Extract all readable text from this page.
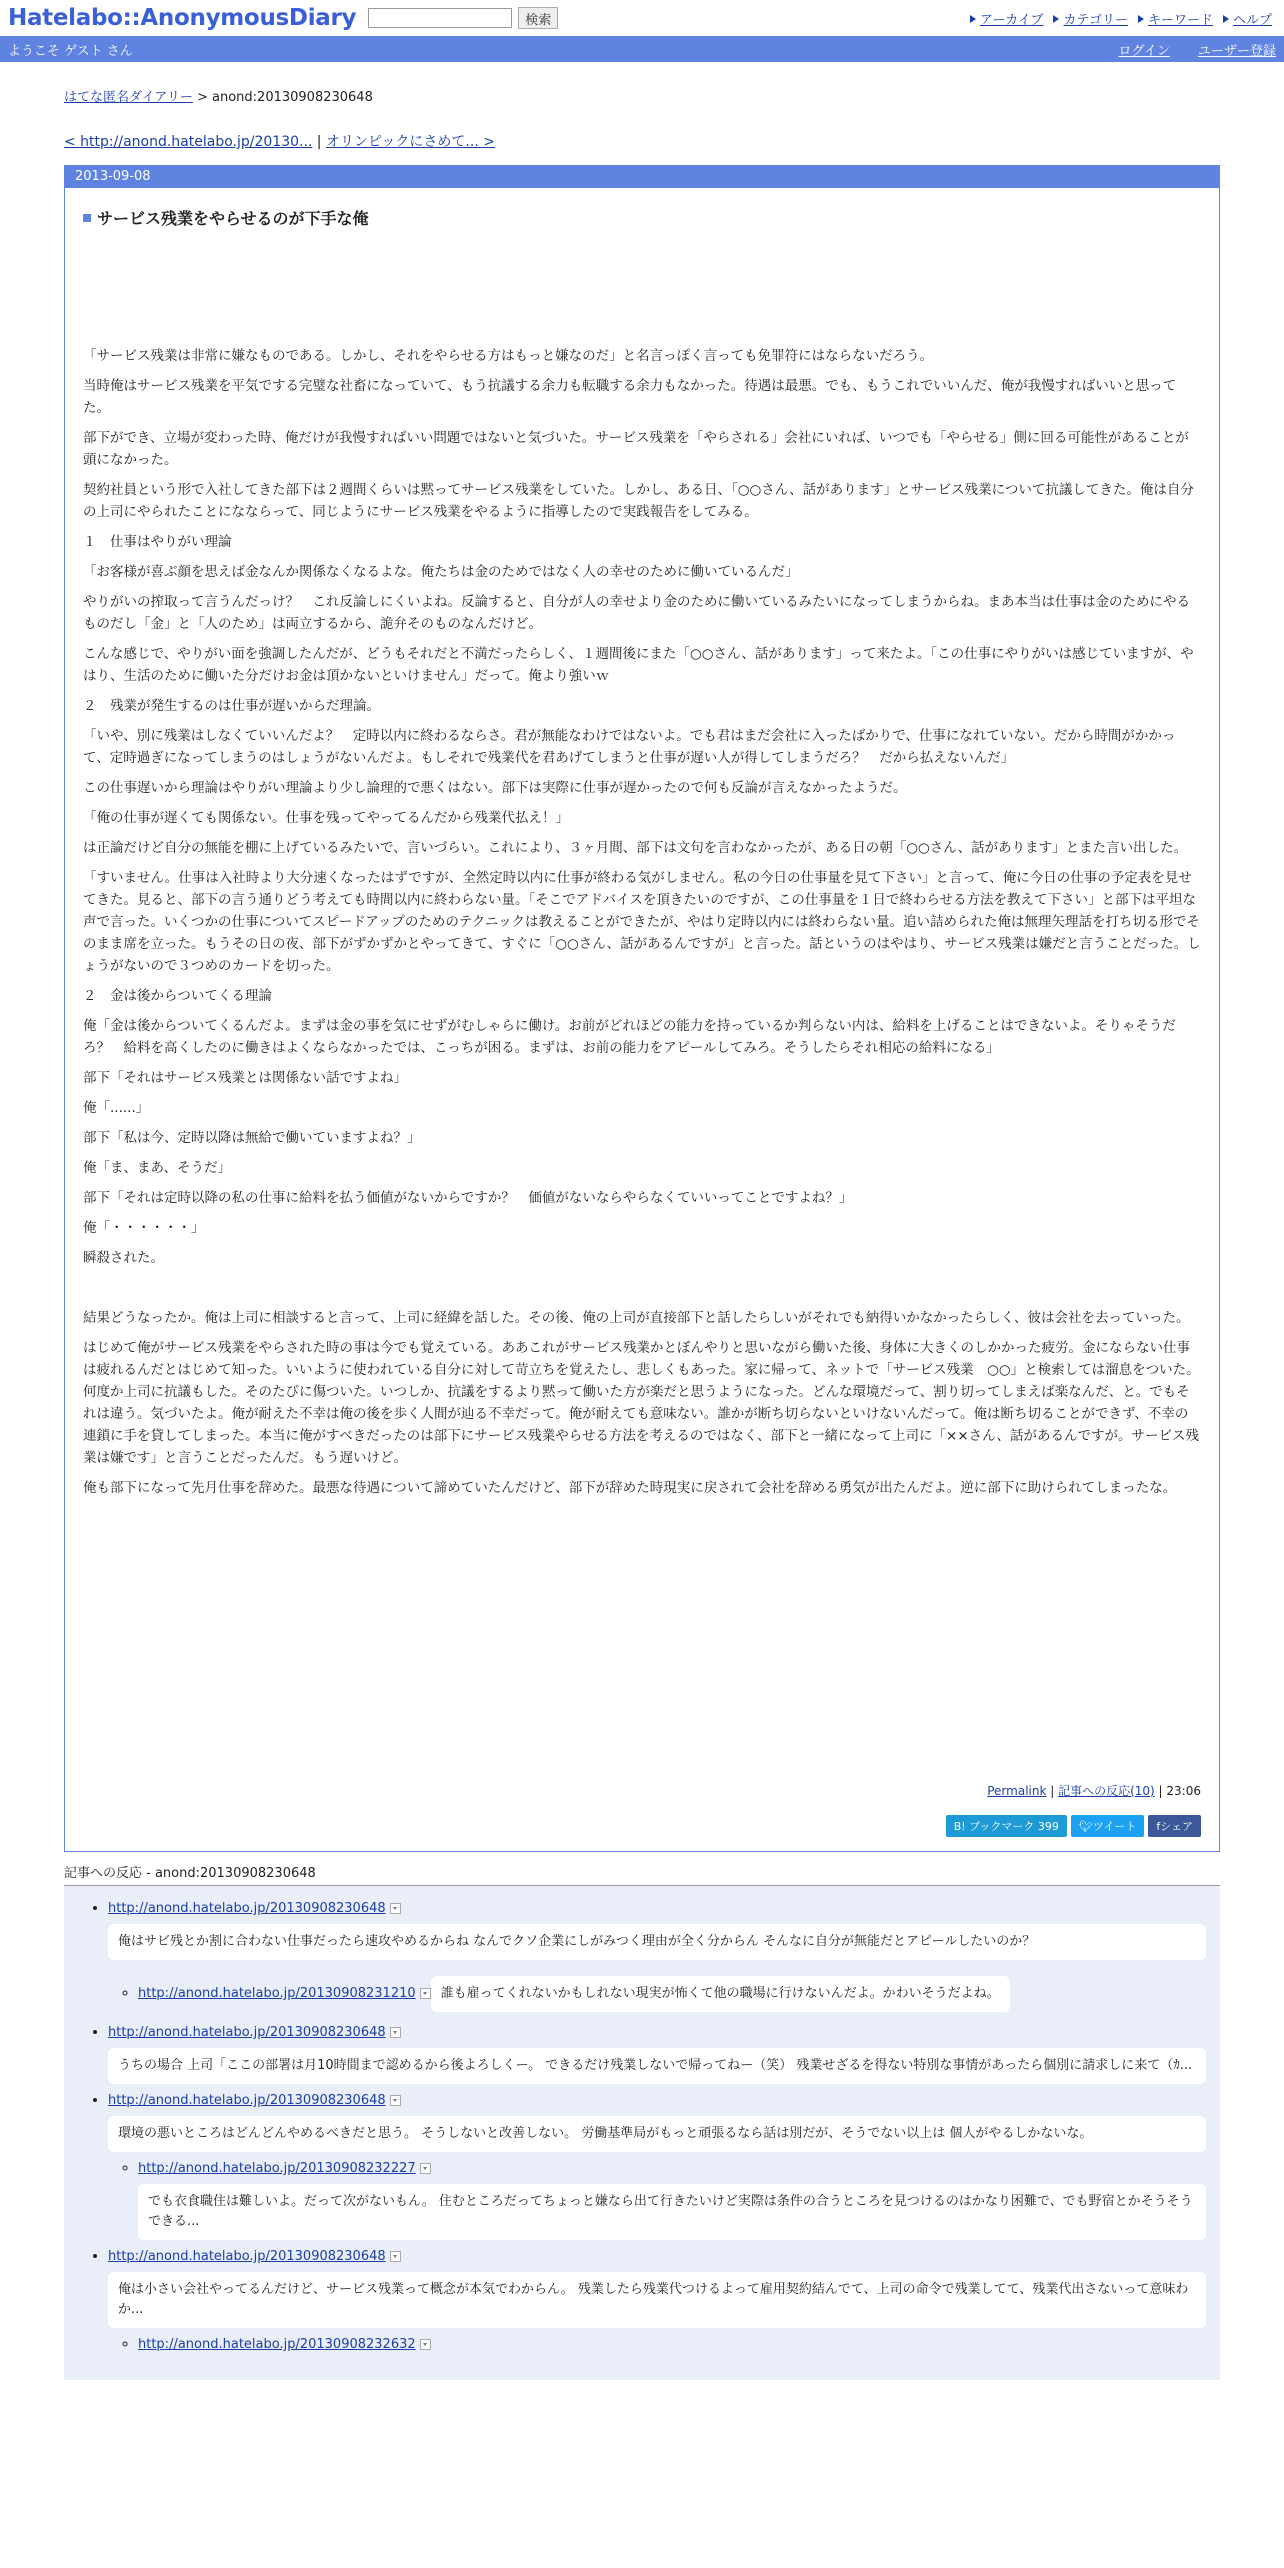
Hatelabo::AnonymousDiary	検索	アーカイブ カテゴリー キーワード ヘルプ
ようこそ ゲスト さん	ログイン ユーザー登録
はてな匿名ダイアリー > anond:20130908230648
< http://anond.hatelabo.jp/20130... | オリンピックにさめて... >
2013-09-08
サービス残業をやらせるのが下手な俺

「サービス残業は非常に嫌なものである。しかし、それをやらせる方はもっと嫌なのだ」と名言っぽく言っても免罪符にはならないだろう。

当時俺はサービス残業を平気でする完璧な社畜になっていて、もう抗議する余力も転職する余力もなかった。待遇は最悪。でも、もうこれでいいんだ、俺が我慢すればいいと思ってた。

部下ができ、立場が変わった時、俺だけが我慢すればいい問題ではないと気づいた。サービス残業を「やらされる」会社にいれば、いつでも「やらせる」側に回る可能性があることが頭になかった。

契約社員という形で入社してきた部下は２週間くらいは黙ってサービス残業をしていた。しかし、ある日、「○○さん、話があります」とサービス残業について抗議してきた。俺は自分の上司にやられたことになならって、同じようにサービス残業をやるように指導したので実践報告をしてみる。

１　仕事はやりがい理論

「お客様が喜ぶ顔を思えば金なんか関係なくなるよな。俺たちは金のためではなく人の幸せのために働いているんだ」

やりがいの搾取って言うんだっけ？　これ反論しにくいよね。反論すると、自分が人の幸せより金のために働いているみたいになってしまうからね。まあ本当は仕事は金のためにやるものだし「金」と「人のため」は両立するから、詭弁そのものなんだけど。

こんな感じで、やりがい面を強調したんだが、どうもそれだと不満だったらしく、１週間後にまた「○○さん、話があります」って来たよ。「この仕事にやりがいは感じていますが、やはり、生活のために働いた分だけお金は頂かないといけません」だって。俺より強いｗ

２　残業が発生するのは仕事が遅いからだ理論。

「いや、別に残業はしなくていいんだよ？　定時以内に終わるならさ。君が無能なわけではないよ。でも君はまだ会社に入ったばかりで、仕事になれていない。だから時間がかかって、定時過ぎになってしまうのはしょうがないんだよ。もしそれで残業代を君あげてしまうと仕事が遅い人が得してしまうだろ？　だから払えないんだ」

この仕事遅いから理論はやりがい理論より少し論理的で悪くはない。部下は実際に仕事が遅かったので何も反論が言えなかったようだ。

「俺の仕事が遅くても関係ない。仕事を残ってやってるんだから残業代払え！」

は正論だけど自分の無能を棚に上げているみたいで、言いづらい。これにより、３ヶ月間、部下は文句を言わなかったが、ある日の朝「○○さん、話があります」とまた言い出した。

「すいません。仕事は入社時より大分速くなったはずですが、全然定時以内に仕事が終わる気がしません。私の今日の仕事量を見て下さい」と言って、俺に今日の仕事の予定表を見せてきた。見ると、部下の言う通りどう考えても時間以内に終わらない量。「そこでアドバイスを頂きたいのですが、この仕事量を１日で終わらせる方法を教えて下さい」と部下は平坦な声で言った。いくつかの仕事についてスピードアップのためのテクニックは教えることができたが、やはり定時以内には終わらない量。追い詰められた俺は無理矢理話を打ち切る形でそのまま席を立った。もうその日の夜、部下がずかずかとやってきて、すぐに「○○さん、話があるんですが」と言った。話というのはやはり、サービス残業は嫌だと言うことだった。しょうがないので３つめのカードを切った。

２　金は後からついてくる理論

俺「金は後からついてくるんだよ。まずは金の事を気にせずがむしゃらに働け。お前がどれほどの能力を持っているか判らない内は、給料を上げることはできないよ。そりゃそうだろ？　給料を高くしたのに働きはよくならなかったでは、こっちが困る。まずは、お前の能力をアピールしてみろ。そうしたらそれ相応の給料になる」

部下「それはサービス残業とは関係ない話ですよね」

俺「......」

部下「私は今、定時以降は無給で働いていますよね？」

俺「ま、まあ、そうだ」

部下「それは定時以降の私の仕事に給料を払う価値がないからですか？　価値がないならやらなくていいってことですよね？」

俺「・・・・・・」

瞬殺された。

結果どうなったか。俺は上司に相談すると言って、上司に経緯を話した。その後、俺の上司が直接部下と話したらしいがそれでも納得いかなかったらしく、彼は会社を去っていった。

はじめて俺がサービス残業をやらされた時の事は今でも覚えている。ああこれがサービス残業かとぼんやりと思いながら働いた後、身体に大きくのしかかった疲労。金にならない仕事は疲れるんだとはじめて知った。いいように使われている自分に対して苛立ちを覚えたし、悲しくもあった。家に帰って、ネットで「サービス残業　○○」と検索しては溜息をついた。何度か上司に抗議もした。そのたびに傷ついた。いつしか、抗議をするより黙って働いた方が楽だと思うようになった。どんな環境だって、割り切ってしまえば楽なんだ、と。でもそれは違う。気づいたよ。俺が耐えた不幸は俺の後を歩く人間が辿る不幸だって。俺が耐えても意味ない。誰かが断ち切らないといけないんだって。俺は断ち切ることができず、不幸の連鎖に手を貸してしまった。本当に俺がすべきだったのは部下にサービス残業やらせる方法を考えるのではなく、部下と一緒になって上司に「××さん、話があるんですが。サービス残業は嫌です」と言うことだったんだ。もう遅いけど。

俺も部下になって先月仕事を辞めた。最悪な待遇について諦めていたんだけど、部下が辞めた時現実に戻されて会社を辞める勇気が出たんだよ。逆に部下に助けられてしまったな。

Permalink | 記事への反応(10) | 23:06
B! ブックマーク 399 🐦︎ツイート fシェア
記事への反応 - anond:20130908230648
• http://anond.hatelabo.jp/20130908230648
俺はサビ残とか割に合わない仕事だったら速攻やめるからね なんでクソ企業にしがみつく理由が全く分からん そんなに自分が無能だとアピールしたいのか？
◦ http://anond.hatelabo.jp/20130908231210 誰も雇ってくれないかもしれない現実が怖くて他の職場に行けないんだよ。かわいそうだよね。
• http://anond.hatelabo.jp/20130908230648
うちの場合 上司「ここの部署は月10時間まで認めるから後よろしくー。 できるだけ残業しないで帰ってねー（笑） 残業せざるを得ない特別な事情があったら個別に請求しに来て（ｶ...
• http://anond.hatelabo.jp/20130908230648
環境の悪いところはどんどんやめるべきだと思う。 そうしないと改善しない。 労働基準局がもっと頑張るなら話は別だが、そうでない以上は 個人がやるしかないな。
◦ http://anond.hatelabo.jp/20130908232227
でも衣食職住は難しいよ。だって次がないもん。 住むところだってちょっと嫌なら出て行きたいけど実際は条件の合うところを見つけるのはかなり困難で、でも野宿とかそうそうできる...
• http://anond.hatelabo.jp/20130908230648
俺は小さい会社やってるんだけど、サービス残業って概念が本気でわからん。 残業したら残業代つけるよって雇用契約結んでて、上司の命令で残業してて、残業代出さないって意味わか...
◦ http://anond.hatelabo.jp/20130908232632
